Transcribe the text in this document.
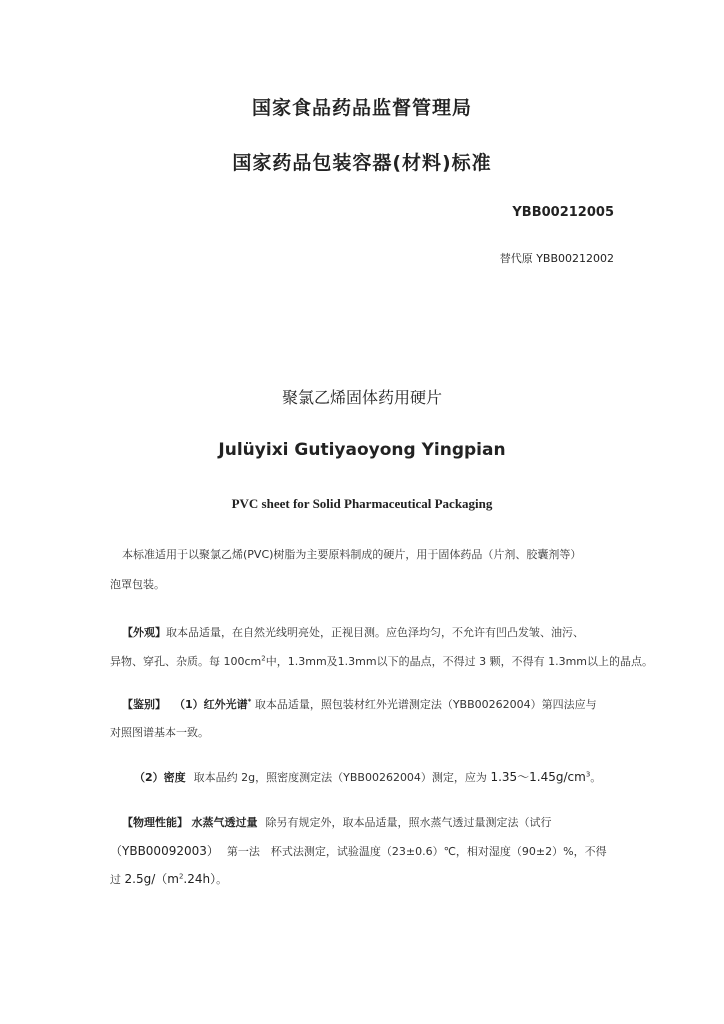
国家食品药品监督管理局
国家药品包装容器(材料)标准
YBB00212005
替代原 YBB00212002
聚氯乙烯固体药用硬片
Julüyixi Gutiyaoyong Yingpian
PVC sheet for Solid Pharmaceutical Packaging
本标准适用于以聚氯乙烯(PVC)树脂为主要原料制成的硬片，用于固体药品（片剂、胶囊剂等）
泡罩包装。
【外观】取本品适量，在自然光线明亮处，正视目测。应色泽均匀，不允许有凹凸发皱、油污、
异物、穿孔、杂质。每 $100cm^2$中，1.3mm及1.3mm以下的晶点，不得过 3 颗，不得有 1.3mm以上的晶点。
【鉴别】 （1）红外光谱* 取本品适量，照包装材红外光谱测定法（YBB00262004）第四法应与
对照图谱基本一致。
（2）密度 取本品约 2g，照密度测定法（YBB00262004）测定，应为 $1.35\sim 1.45g/cm^3$。
【物理性能】 水蒸气透过量 除另有规定外，取本品适量，照水蒸气透过量测定法（试行
（YBB00092003） 第一法　杯式法测定，试验温度（23±0.6）℃，相对湿度（90±2）%，不得
过 $2.5g/(m^2.24h)$。
